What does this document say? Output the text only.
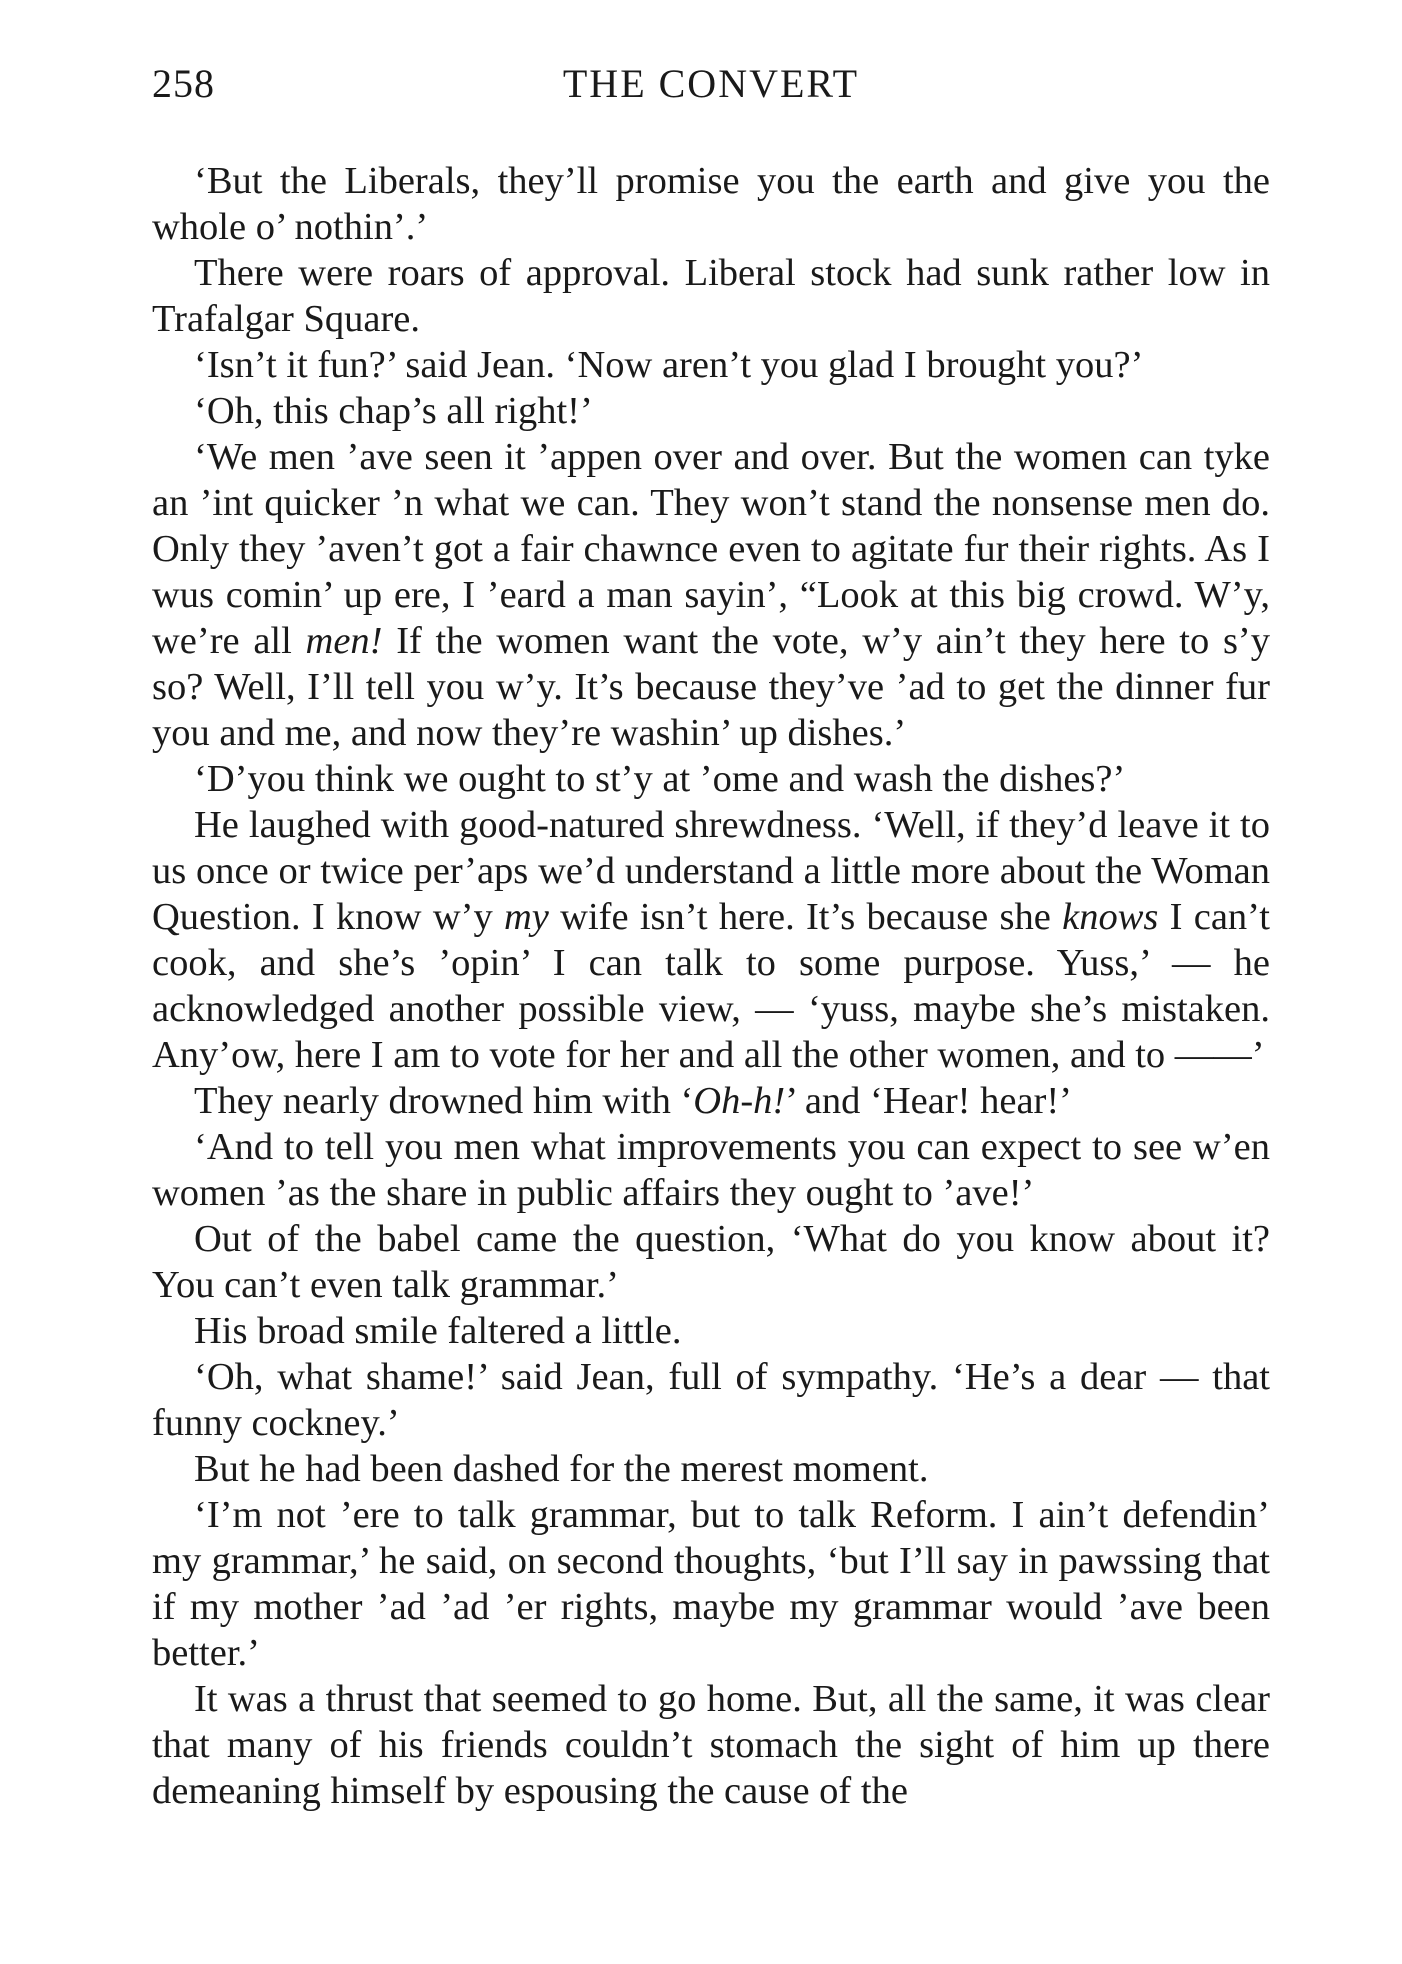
258	THE CONVERT

‘But the Liberals, they’ll promise you the earth and give you the whole o’ nothin’.’

There were roars of approval. Liberal stock had sunk rather low in Trafalgar Square.

‘Isn’t it fun?’ said Jean. ‘Now aren’t you glad I brought you?’

‘Oh, this chap’s all right!’

‘We men ’ave seen it ’appen over and over. But the women can tyke an ’int quicker ’n what we can. They won’t stand the nonsense men do. Only they ’aven’t got a fair chawnce even to agitate fur their rights. As I wus comin’ up ere, I ’eard a man sayin’, “Look at this big crowd. W’y, we’re all men! If the women want the vote, w’y ain’t they here to s’y so? Well, I’ll tell you w’y. It’s because they’ve ’ad to get the dinner fur you and me, and now they’re washin’ up dishes.’

‘D’you think we ought to st’y at ’ome and wash the dishes?’

He laughed with good-natured shrewdness. ‘Well, if they’d leave it to us once or twice per’aps we’d understand a little more about the Woman Question. I know w’y my wife isn’t here. It’s because she knows I can’t cook, and she’s ’opin’ I can talk to some purpose. Yuss,’ — he acknowledged another possible view, — ‘yuss, maybe she’s mistaken. Any’ow, here I am to vote for her and all the other women, and to ——’

They nearly drowned him with ‘Oh-h!’ and ‘Hear! hear!’

‘And to tell you men what improvements you can expect to see w’en women ’as the share in public affairs they ought to ’ave!’

Out of the babel came the question, ‘What do you know about it? You can’t even talk grammar.’

His broad smile faltered a little.

‘Oh, what shame!’ said Jean, full of sympathy. ‘He’s a dear — that funny cockney.’

But he had been dashed for the merest moment.

‘I’m not ’ere to talk grammar, but to talk Reform. I ain’t defendin’ my grammar,’ he said, on second thoughts, ‘but I’ll say in pawssing that if my mother ’ad ’ad ’er rights, maybe my grammar would ’ave been better.’

It was a thrust that seemed to go home. But, all the same, it was clear that many of his friends couldn’t stomach the sight of him up there demeaning himself by espousing the cause of the
